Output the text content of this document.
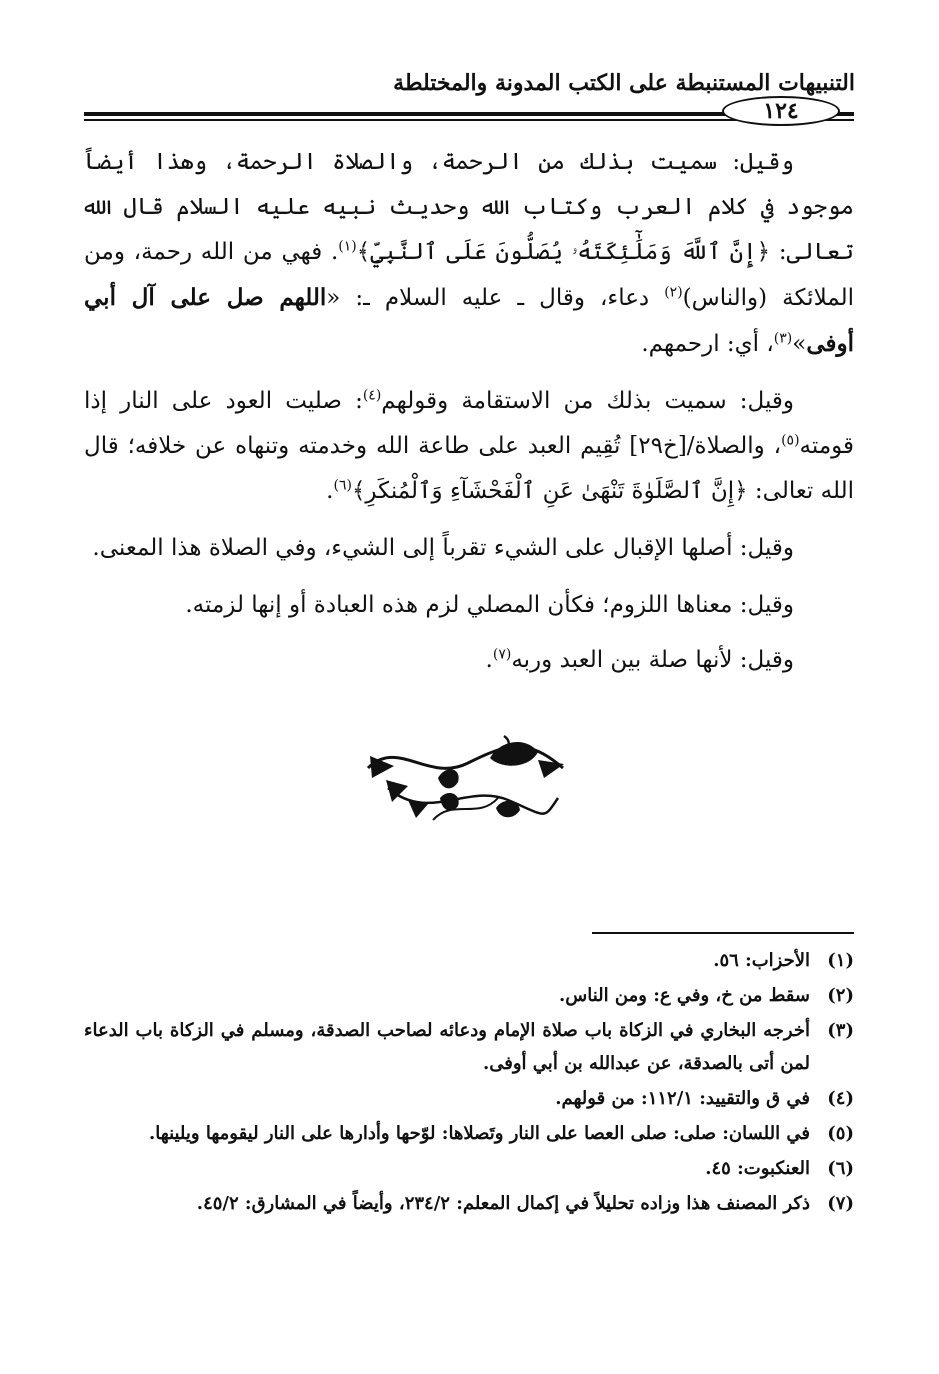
التنبيهات المستنبطة على الكتب المدونة والمختلطة
١٢٤

وقيل: سميت بذلك من الرحمة، والصلاة الرحمة، وهذا أيضاً موجود في كلام العرب وكتاب الله وحديث نبيه عليه السلام قال الله تعالى: ﴿إِنَّ ٱللَّهَ وَمَلَٰٓئِكَتَهُۥ يُصَلُّونَ عَلَى ٱلنَّبِيِّ﴾$^{(١)}$. فهي من الله رحمة، ومن الملائكة (والناس)$^{(٢)}$ دعاء، وقال ـ عليه السلام ـ: «اللهم صل على آل أبي أوفى»$^{(٣)}$، أي: ارحمهم.

وقيل: سميت بذلك من الاستقامة وقولهم$^{(٤)}$: صليت العود على النار إذا قومته$^{(٥)}$، والصلاة/[خ٢٩] تُقِيم العبد على طاعة الله وخدمته وتنهاه عن خلافه؛ قال الله تعالى: ﴿إِنَّ ٱلصَّلَوٰةَ تَنْهَىٰ عَنِ ٱلْفَحْشَآءِ وَٱلْمُنكَرِ﴾$^{(٦)}$.

وقيل: أصلها الإقبال على الشيء تقرباً إلى الشيء، وفي الصلاة هذا المعنى.

وقيل: معناها اللزوم؛ فكأن المصلي لزم هذه العبادة أو إنها لزمته.

وقيل: لأنها صلة بين العبد وربه$^{(٧)}$.

(١)
الأحزاب: ٥٦.
(٢)
سقط من خ، وفي ع: ومن الناس.
(٣)
أخرجه البخاري في الزكاة باب صلاة الإمام ودعائه لصاحب الصدقة، ومسلم في الزكاة باب الدعاء لمن أتى بالصدقة، عن عبدالله بن أبي أوفى.
(٤)
في ق والتقييد: ١١٢/١: من قولهم.
(٥)
في اللسان: صلى: صلى العصا على النار وتَصلاها: لوّحها وأدارها على النار ليقومها ويلينها.
(٦)
العنكبوت: ٤٥.
(٧)
ذكر المصنف هذا وزاده تحليلاً في إكمال المعلم: ٢٣٤/٢، وأيضاً في المشارق: ٤٥/٢.
